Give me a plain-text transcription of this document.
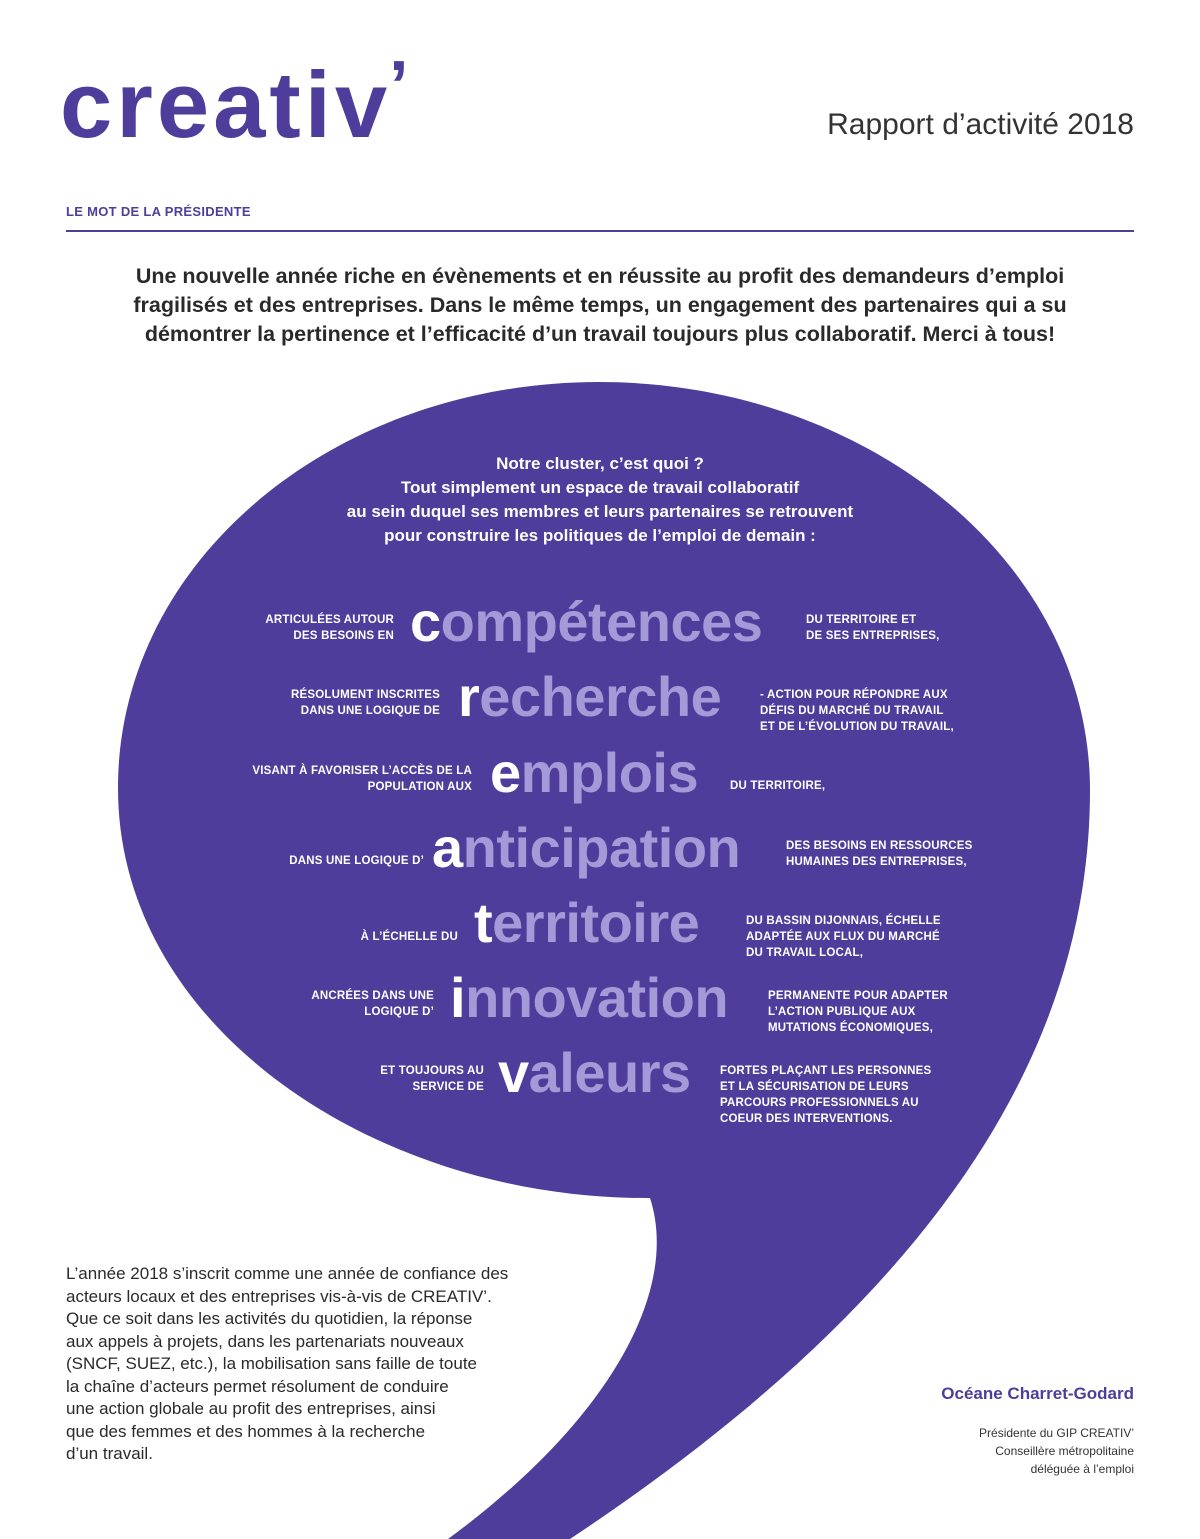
creativ’
Rapport d’activité 2018
LE MOT DE LA PRÉSIDENTE

Une nouvelle année riche en évènements et en réussite au profit des demandeurs d’emploi
fragilisés et des entreprises. Dans le même temps, un engagement des partenaires qui a su
démontrer la pertinence et l’efficacité d’un travail toujours plus collaboratif. Merci à tous!

Notre cluster, c’est quoi ?
Tout simplement un espace de travail collaboratif
au sein duquel ses membres et leurs partenaires se retrouvent
pour construire les politiques de l’emploi de demain :
ARTICULÉES AUTOUR
DES BESOINS EN compétences	DU TERRITOIRE ET
DE SES ENTREPRISES,
RÉSOLUMENT INSCRITES
DANS UNE LOGIQUE DE recherche	- ACTION POUR RÉPONDRE AUX
DÉFIS DU MARCHÉ DU TRAVAIL
ET DE L’ÉVOLUTION DU TRAVAIL,
VISANT À FAVORISER L’ACCÈS DE LA
POPULATION AUX emplois	DU TERRITOIRE,
DANS UNE LOGIQUE D’ anticipation	DES BESOINS EN RESSOURCES
HUMAINES DES ENTREPRISES,
À L’ÉCHELLE DU territoire	DU BASSIN DIJONNAIS, ÉCHELLE
ADAPTÉE AUX FLUX DU MARCHÉ
DU TRAVAIL LOCAL,
ANCRÉES DANS UNE
LOGIQUE D’ innovation	PERMANENTE POUR ADAPTER
L’ACTION PUBLIQUE AUX
MUTATIONS ÉCONOMIQUES,
ET TOUJOURS AU
SERVICE DE valeurs	FORTES PLAÇANT LES PERSONNES
ET LA SÉCURISATION DE LEURS
PARCOURS PROFESSIONNELS AU
COEUR DES INTERVENTIONS.

L’année 2018 s’inscrit comme une année de confiance des
acteurs locaux et des entreprises vis-à-vis de CREATIV’.
Que ce soit dans les activités du quotidien, la réponse
aux appels à projets, dans les partenariats nouveaux
(SNCF, SUEZ, etc.), la mobilisation sans faille de toute
la chaîne d’acteurs permet résolument de conduire
une action globale au profit des entreprises, ainsi
que des femmes et des hommes à la recherche
d’un travail.

Océane Charret-Godard
Présidente du GIP CREATIV’
Conseillère métropolitaine
déléguée à l’emploi
